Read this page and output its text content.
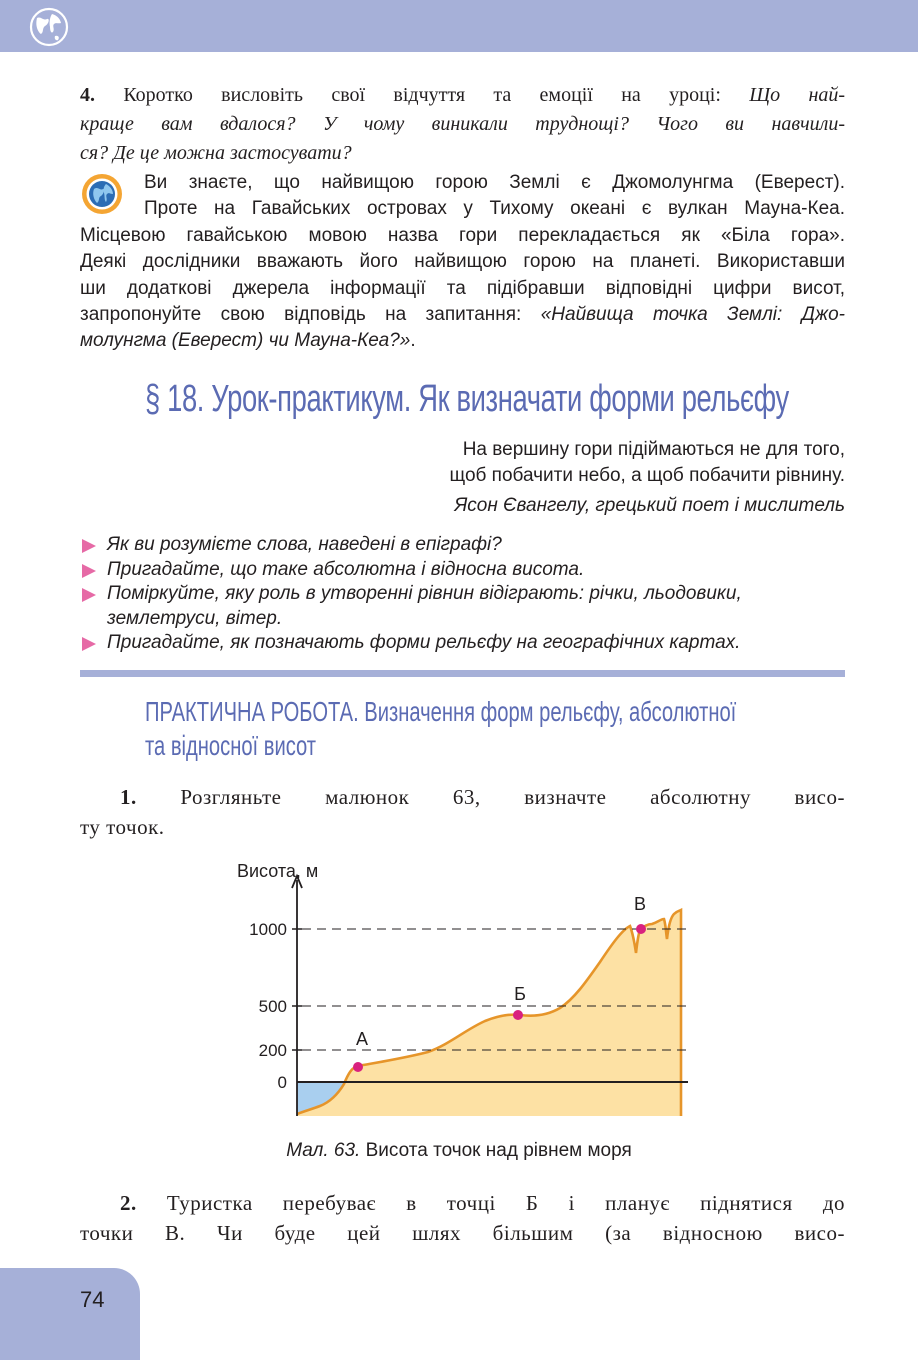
4. Коротко висловіть свої відчуття та емоції на уроці: Що най-
краще вам вдалося? У чому виникали труднощі? Чого ви навчили-
ся? Де це можна застосувати?
Ви знаєте, що найвищою горою Землі є Джомолунгма (Еверест).
Проте на Гавайських островах у Тихому океані є вулкан Мауна-Кеа.
Місцевою гавайською мовою назва гори перекладається як «Біла гора».
Деякі дослідники вважають його найвищою горою на планеті. Використавши
ши додаткові джерела інформації та підібравши відповідні цифри висот,
запропонуйте свою відповідь на запитання: «Найвища точка Землі: Джо-
молунгма (Еверест) чи Мауна-Кеа?».
§ 18. Урок-практикум. Як визначати форми рельєфу
На вершину гори підіймаються не для того,
щоб побачити небо, а щоб побачити рівнину.
Ясон Євангелу, грецький поет і мислитель
Як ви розумієте слова, наведені в епіграфі?
Пригадайте, що таке абсолютна і відносна висота.
Поміркуйте, яку роль в утворенні рівнин відіграють: річки, льодовики,
землетруси, вітер.
Пригадайте, як позначають форми рельєфу на географічних картах.
ПРАКТИЧНА РОБОТА. Визначення форм рельєфу, абсолютної
та відносної висот
1. Розгляньте малюнок 63, визначте абсолютну висо-
ту точок.
Висота, м
1000
500
200
0
А
Б
В
Мал. 63. Висота точок над рівнем моря
2. Туристка перебуває в точці Б і планує піднятися до
точки В. Чи буде цей шлях більшим (за відносною висо-
74
